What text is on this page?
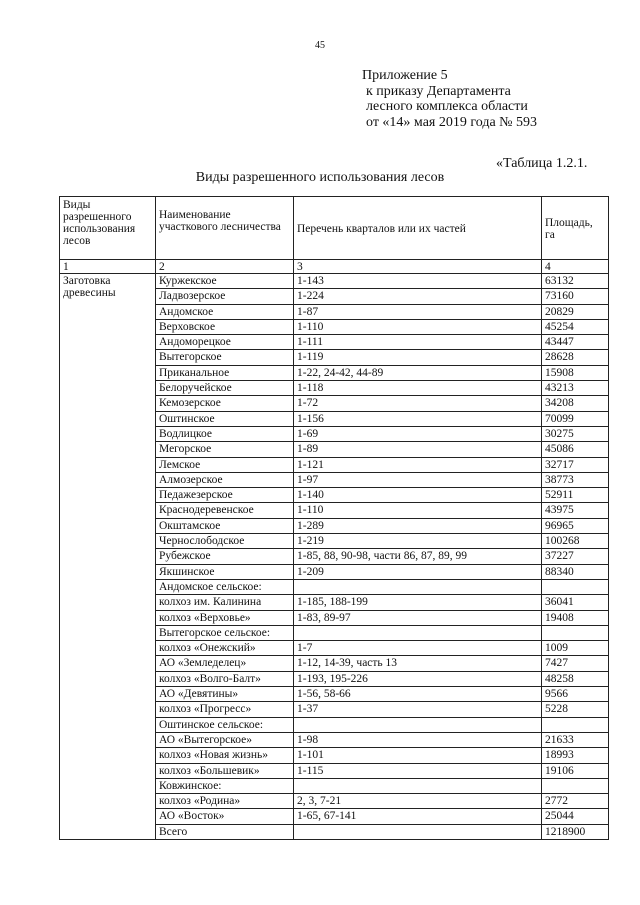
45
Приложение 5
к приказу Департамента
лесного комплекса области
от «14» мая 2019 года № 593
«Таблица 1.2.1.
Виды разрешенного использования лесов
Виды разрешенного использования лесов	Наименование участкового лесничества	Перечень кварталов или их частей	Площадь, га
1	2	3	4
Заготовка древесины	Куржекское	1-143	63132
	Ладвозерское	1-224	73160
	Андомское	1-87	20829
	Верховское	1-110	45254
	Андоморецкое	1-111	43447
	Вытегорское	1-119	28628
	Приканальное	1-22, 24-42, 44-89	15908
	Белоручейское	1-118	43213
	Кемозерское	1-72	34208
	Оштинское	1-156	70099
	Водлицкое	1-69	30275
	Мегорское	1-89	45086
	Лемское	1-121	32717
	Алмозерское	1-97	38773
	Педажезерское	1-140	52911
	Краснодеревенское	1-110	43975
	Окштамское	1-289	96965
	Черносл​ободское	1-219	100268
	Рубежское	1-85, 88, 90-98, части 86, 87, 89, 99	37227
	Якшинское	1-209	88340
	Андомское сельское:		
	колхоз им. Калинина	1-185, 188-199	36041
	колхоз «Верховье»	1-83, 89-97	19408
	Вытегорское сельское:		
	колхоз «Онежский»	1-7	1009
	АО «Земледелец»	1-12, 14-39, часть 13	7427
	колхоз «Волго-Балт»	1-193, 195-226	48258
	АО «Девятины»	1-56, 58-66	9566
	колхоз «Прогресс»	1-37	5228
	Оштинское сельское:		
	АО «Вытегорское»	1-98	21633
	колхоз «Новая жизнь»	1-101	18993
	колхоз «Большевик»	1-115	19106
	Ковжинское:		
	колхоз «Родина»	2, 3, 7-21	2772
	АО «Восток»	1-65, 67-141	25044
	Всего		1218900
